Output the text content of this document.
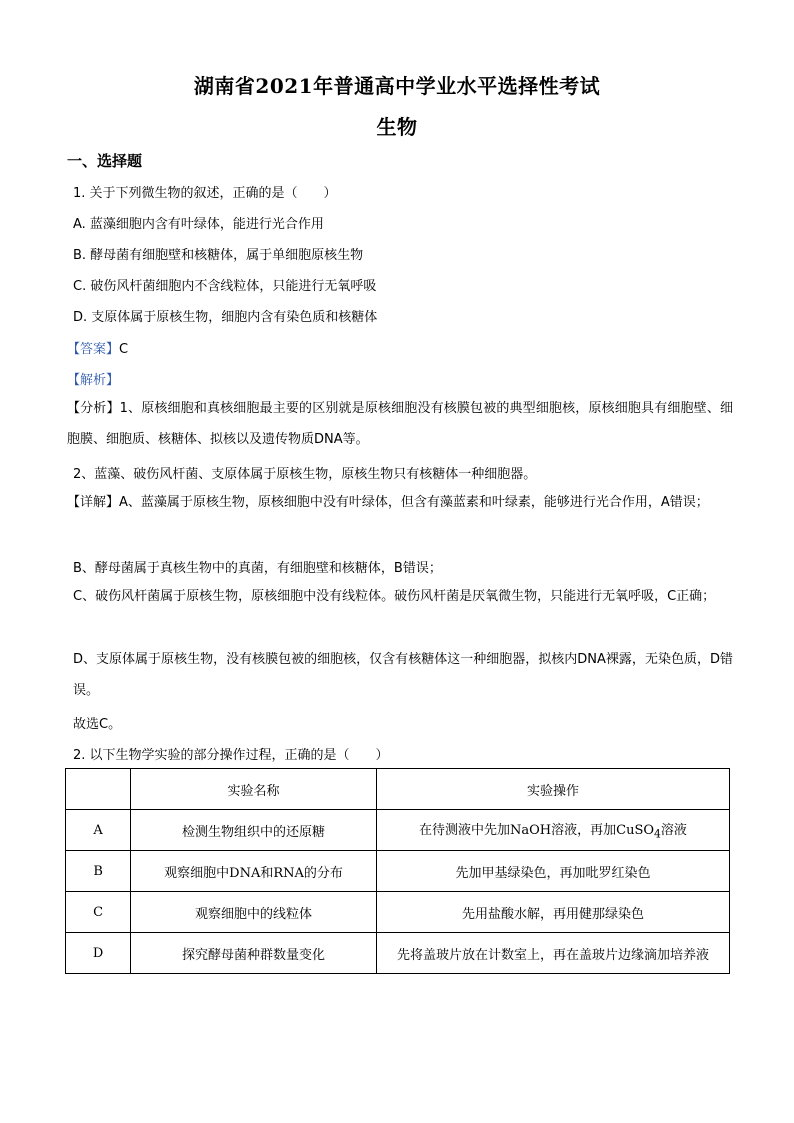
湖南省2021年普通高中学业水平选择性考试
生物
一、选择题
1. 关于下列微生物的叙述，正确的是（　　）
A. 蓝藻细胞内含有叶绿体，能进行光合作用
B. 酵母菌有细胞壁和核糖体，属于单细胞原核生物
C. 破伤风杆菌细胞内不含线粒体，只能进行无氧呼吸
D. 支原体属于原核生物，细胞内含有染色质和核糖体
【答案】C
【解析】
【分析】1、原核细胞和真核细胞最主要的区别就是原核细胞没有核膜包被的典型细胞核，原核细胞具有细胞壁、细胞膜、细胞质、核糖体、拟核以及遗传物质DNA等。
2、蓝藻、破伤风杆菌、支原体属于原核生物，原核生物只有核糖体一种细胞器。
【详解】A、蓝藻属于原核生物，原核细胞中没有叶绿体，但含有藻蓝素和叶绿素，能够进行光合作用，A错误；
B、酵母菌属于真核生物中的真菌，有细胞壁和核糖体，B错误；
C、破伤风杆菌属于原核生物，原核细胞中没有线粒体。破伤风杆菌是厌氧微生物，只能进行无氧呼吸，C正确；
D、支原体属于原核生物，没有核膜包被的细胞核，仅含有核糖体这一种细胞器，拟核内DNA裸露，无染色质，D错误。
故选C。
2. 以下生物学实验的部分操作过程，正确的是（　　）
	实验名称	实验操作
A	检测生物组织中的还原糖	在待测液中先加NaOH溶液，再加CuSO$_4$溶液
B	观察细胞中DNA和RNA的分布	先加甲基绿染色，再加吡罗红染色
C	观察细胞中的线粒体	先用盐酸水解，再用健那绿染色
D	探究酵母菌种群数量变化	先将盖玻片放在计数室上，再在盖玻片边缘滴加培养液
